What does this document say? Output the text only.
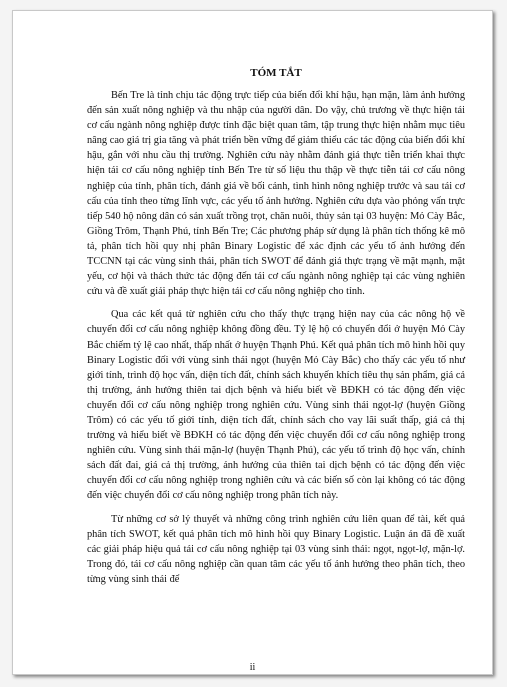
TÓM TẮT

Bến Tre là tỉnh chịu tác động trực tiếp của biến đổi khí hậu, hạn mặn, làm ảnh hưởng đến sản xuất nông nghiệp và thu nhập của người dân. Do vậy, chủ trương về thực hiện tái cơ cấu ngành nông nghiệp được tỉnh đặc biệt quan tâm, tập trung thực hiện nhằm mục tiêu nâng cao giá trị gia tăng và phát triển bền vững để giảm thiểu các tác động của biến đổi khí hậu, gắn với nhu cầu thị trường. Nghiên cứu này nhằm đánh giá thực tiễn triển khai thực hiện tái cơ cấu nông nghiệp tỉnh Bến Tre từ số liệu thu thập về thực tiễn tái cơ cấu nông nghiệp của tỉnh, phân tích, đánh giá về bối cảnh, tình hình nông nghiệp trước và sau tái cơ cấu của tỉnh theo từng lĩnh vực, các yếu tố ảnh hưởng. Nghiên cứu dựa vào phỏng vấn trực tiếp 540 hộ nông dân có sản xuất trồng trọt, chăn nuôi, thủy sản tại 03 huyện: Mỏ Cày Bắc, Giồng Trôm, Thạnh Phú, tỉnh Bến Tre; Các phương pháp sử dụng là phân tích thống kê mô tả, phân tích hồi quy nhị phân Binary Logistic để xác định các yếu tố ảnh hưởng đến TCCNN tại các vùng sinh thái, phân tích SWOT để đánh giá thực trạng về mặt mạnh, mặt yếu, cơ hội và thách thức tác động đến tái cơ cấu ngành nông nghiệp tại các vùng nghiên cứu và đề xuất giải pháp thực hiện tái cơ cấu nông nghiệp cho tỉnh.

Qua các kết quả từ nghiên cứu cho thấy thực trạng hiện nay của các nông hộ về chuyển đổi cơ cấu nông nghiệp không đồng đều. Tỷ lệ hộ có chuyển đổi ở huyện Mỏ Cày Bắc chiếm tỷ lệ cao nhất, thấp nhất ở huyện Thạnh Phú. Kết quả phân tích mô hình hồi quy Binary Logistic đối với vùng sinh thái ngọt (huyện Mỏ Cày Bắc) cho thấy các yếu tố như giới tính, trình độ học vấn, diện tích đất, chính sách khuyến khích tiêu thụ sản phẩm, giá cả thị trường, ảnh hưởng thiên tai dịch bệnh và hiểu biết về BĐKH có tác động đến việc chuyển đổi cơ cấu nông nghiệp trong nghiên cứu. Vùng sinh thái ngọt-lợ (huyện Giồng Trôm) có các yếu tố giới tính, diện tích đất, chính sách cho vay lãi suất thấp, giá cả thị trường và hiểu biết về BĐKH có tác động đến việc chuyển đổi cơ cấu nông nghiệp trong nghiên cứu. Vùng sinh thái mặn-lợ (huyện Thạnh Phú), các yếu tố trình độ học vấn, chính sách đất đai, giá cả thị trường, ảnh hưởng của thiên tai dịch bệnh có tác động đến việc chuyển đổi cơ cấu nông nghiệp trong nghiên cứu và các biến số còn lại không có tác động đến việc chuyển đổi cơ cấu nông nghiệp trong phân tích này.

Từ những cơ sở lý thuyết và những công trình nghiên cứu liên quan để tài, kết quả phân tích SWOT, kết quả phân tích mô hình hồi quy Binary Logistic. Luận án đã đề xuất các giải pháp hiệu quả tái cơ cấu nông nghiệp tại 03 vùng sinh thái: ngọt, ngọt-lợ, mặn-lợ. Trong đó, tái cơ cấu nông nghiệp cần quan tâm các yếu tố ảnh hưởng theo phân tích, theo từng vùng sinh thái để

ii
